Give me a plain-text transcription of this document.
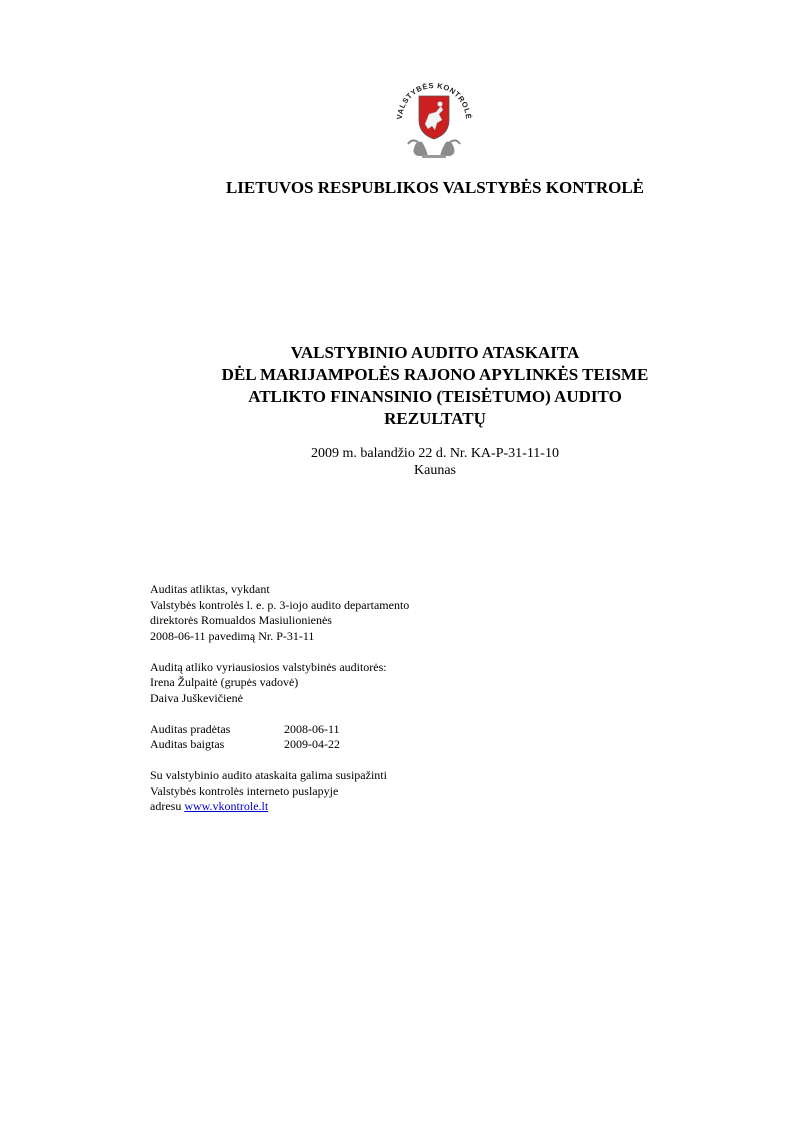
VALSTYBĖS KONTROLĖ
LIETUVOS RESPUBLIKOS VALSTYBĖS KONTROLĖ
VALSTYBINIO AUDITO ATASKAITA
DĖL MARIJAMPOLĖS RAJONO APYLINKĖS TEISME
ATLIKTO FINANSINIO (TEISĖTUMO) AUDITO
REZULTATŲ
2009 m. balandžio 22 d. Nr. KA-P-31-11-10
Kaunas
Auditas atliktas, vykdant
Valstybės kontrolės l. e. p. 3-iojo audito departamento
direktorės Romualdos Masiulionienės
2008-06-11 pavedimą Nr. P-31-11
Auditą atliko vyriausiosios valstybinės auditorės:
Irena Žulpaitė (grupės vadovė)
Daiva Juškevičienė
Auditas pradėtas	2008-06-11
Auditas baigtas	2009-04-22
Su valstybinio audito ataskaita galima susipažinti
Valstybės kontrolės interneto puslapyje
adresu www.vkontrole.lt
